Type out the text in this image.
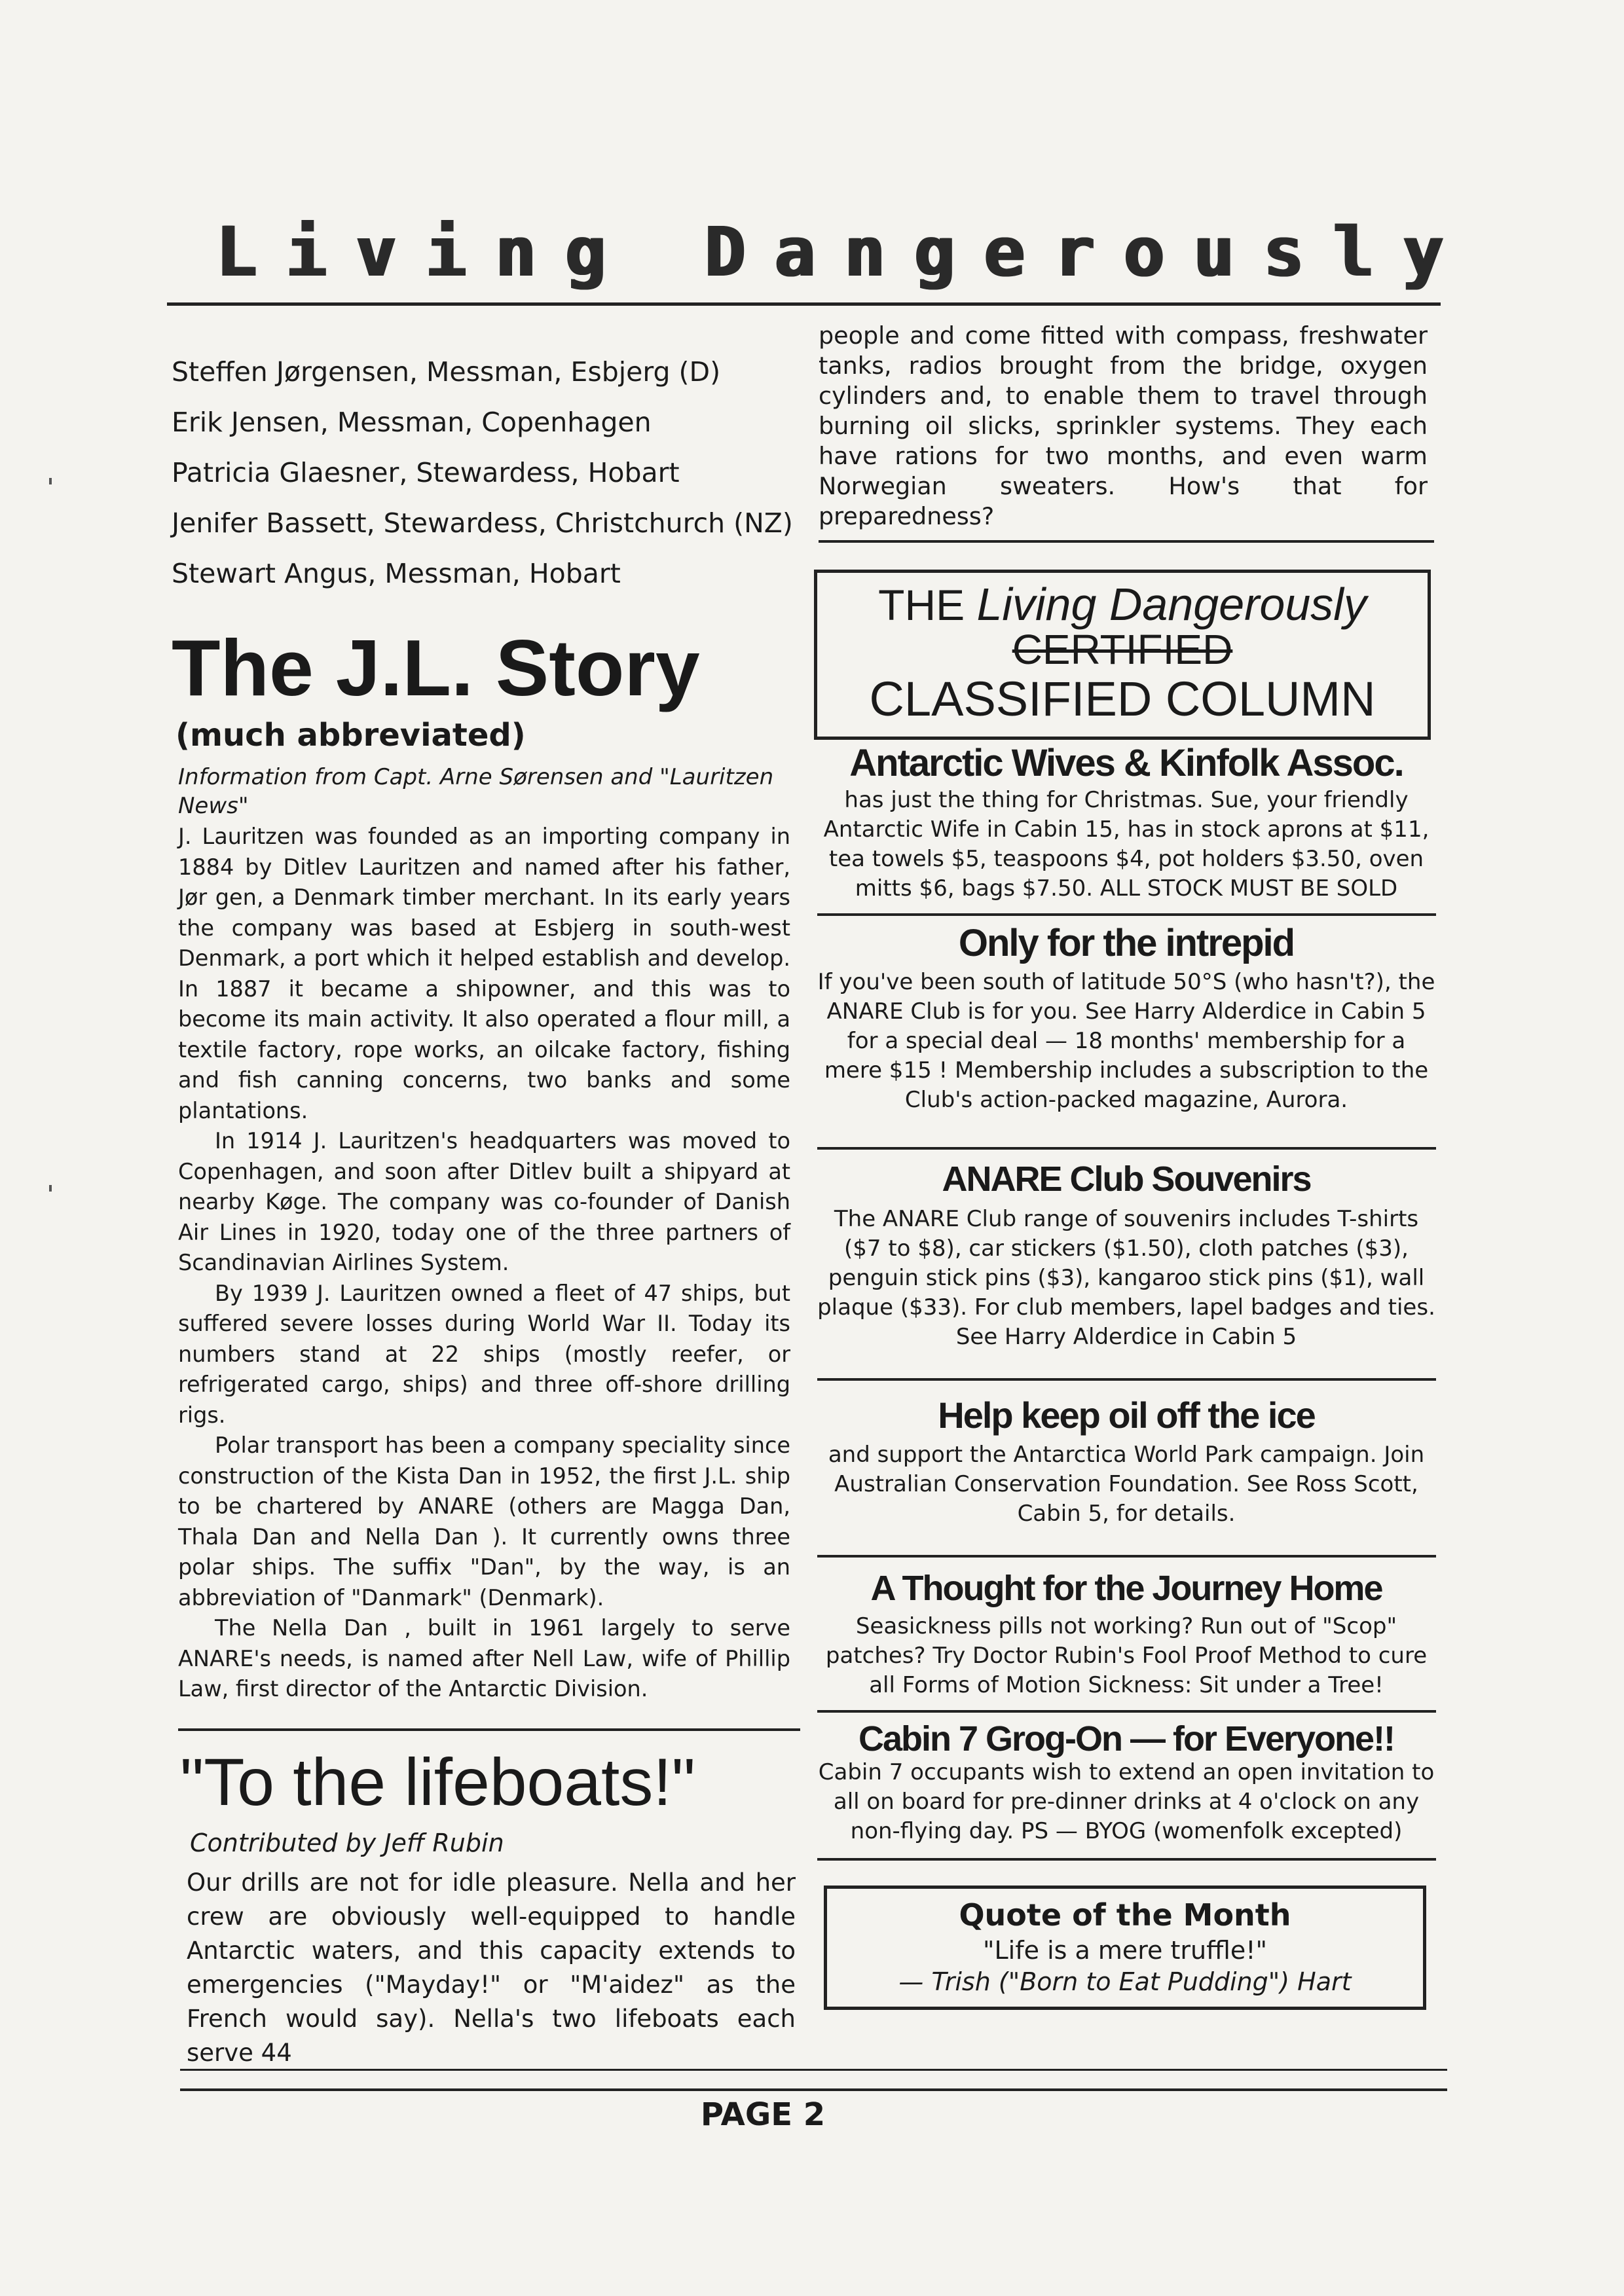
Living Dangerously
Steffen Jørgensen, Messman, Esbjerg (D)
Erik Jensen, Messman, Copenhagen
Patricia Glaesner, Stewardess, Hobart
Jenifer Bassett, Stewardess, Christchurch (NZ)
Stewart Angus, Messman, Hobart
The J.L. Story
(much abbreviated)
Information from Capt. Arne Sørensen and "Lauritzen News"

J. Lauritzen was founded as an importing company in 1884 by Ditlev Lauritzen and named after his father, Jør gen, a Denmark timber merchant. In its early years the company was based at Esbjerg in south-west Denmark, a port which it helped establish and develop. In 1887 it became a shipowner, and this was to become its main activity. It also operated a flour mill, a textile factory, rope works, an oilcake factory, fishing and fish canning concerns, two banks and some plantations.

In 1914 J. Lauritzen's headquarters was moved to Copenhagen, and soon after Ditlev built a shipyard at nearby Køge. The company was co-founder of Danish Air Lines in 1920, today one of the three partners of Scandinavian Airlines System.

By 1939 J. Lauritzen owned a fleet of 47 ships, but suffered severe losses during World War II. Today its numbers stand at 22 ships (mostly reefer, or refrigerated cargo, ships) and three off-shore drilling rigs.

Polar transport has been a company speciality since construction of the Kista Dan in 1952, the first J.L. ship to be chartered by ANARE (others are Magga Dan, Thala Dan and Nella Dan ). It currently owns three polar ships. The suffix "Dan", by the way, is an abbreviation of "Danmark" (Denmark).

The Nella Dan , built in 1961 largely to serve ANARE's needs, is named after Nell Law, wife of Phillip Law, first director of the Antarctic Division.

"To the lifeboats!"
Contributed by Jeff Rubin
Our drills are not for idle pleasure. Nella and her crew are obviously well-equipped to handle Antarctic waters, and this capacity extends to emergencies ("Mayday!" or "M'aidez" as the French would say). Nella's two lifeboats each serve 44
people and come fitted with compass, freshwater tanks, radios brought from the bridge, oxygen cylinders and, to enable them to travel through burning oil slicks, sprinkler systems. They each have rations for two months, and even warm Norwegian sweaters. How's that for preparedness?
THE Living Dangerously
CERTIFIED
CLASSIFIED COLUMN
Antarctic Wives & Kinfolk Assoc.
has just the thing for Christmas. Sue, your friendly Antarctic Wife in Cabin 15, has in stock aprons at $11, tea towels $5, teaspoons $4, pot holders $3.50, oven mitts $6, bags $7.50. ALL STOCK MUST BE SOLD
Only for the intrepid
If you've been south of latitude 50°S (who hasn't?), the ANARE Club is for you. See Harry Alderdice in Cabin 5 for a special deal — 18 months' membership for a mere $15 ! Membership includes a subscription to the Club's action-packed magazine, Aurora.
ANARE Club Souvenirs
The ANARE Club range of souvenirs includes T-shirts ($7 to $8), car stickers ($1.50), cloth patches ($3), penguin stick pins ($3), kangaroo stick pins ($1), wall plaque ($33). For club members, lapel badges and ties. See Harry Alderdice in Cabin 5
Help keep oil off the ice
and support the Antarctica World Park campaign. Join Australian Conservation Foundation. See Ross Scott, Cabin 5, for details.
A Thought for the Journey Home
Seasickness pills not working? Run out of "Scop" patches? Try Doctor Rubin's Fool Proof Method to cure all Forms of Motion Sickness: Sit under a Tree!
Cabin 7 Grog-On — for Everyone!!
Cabin 7 occupants wish to extend an open invitation to all on board for pre-dinner drinks at 4 o'clock on any non-flying day. PS — BYOG (womenfolk excepted)
Quote of the Month
"Life is a mere truffle!"
— Trish ("Born to Eat Pudding") Hart
PAGE 2
